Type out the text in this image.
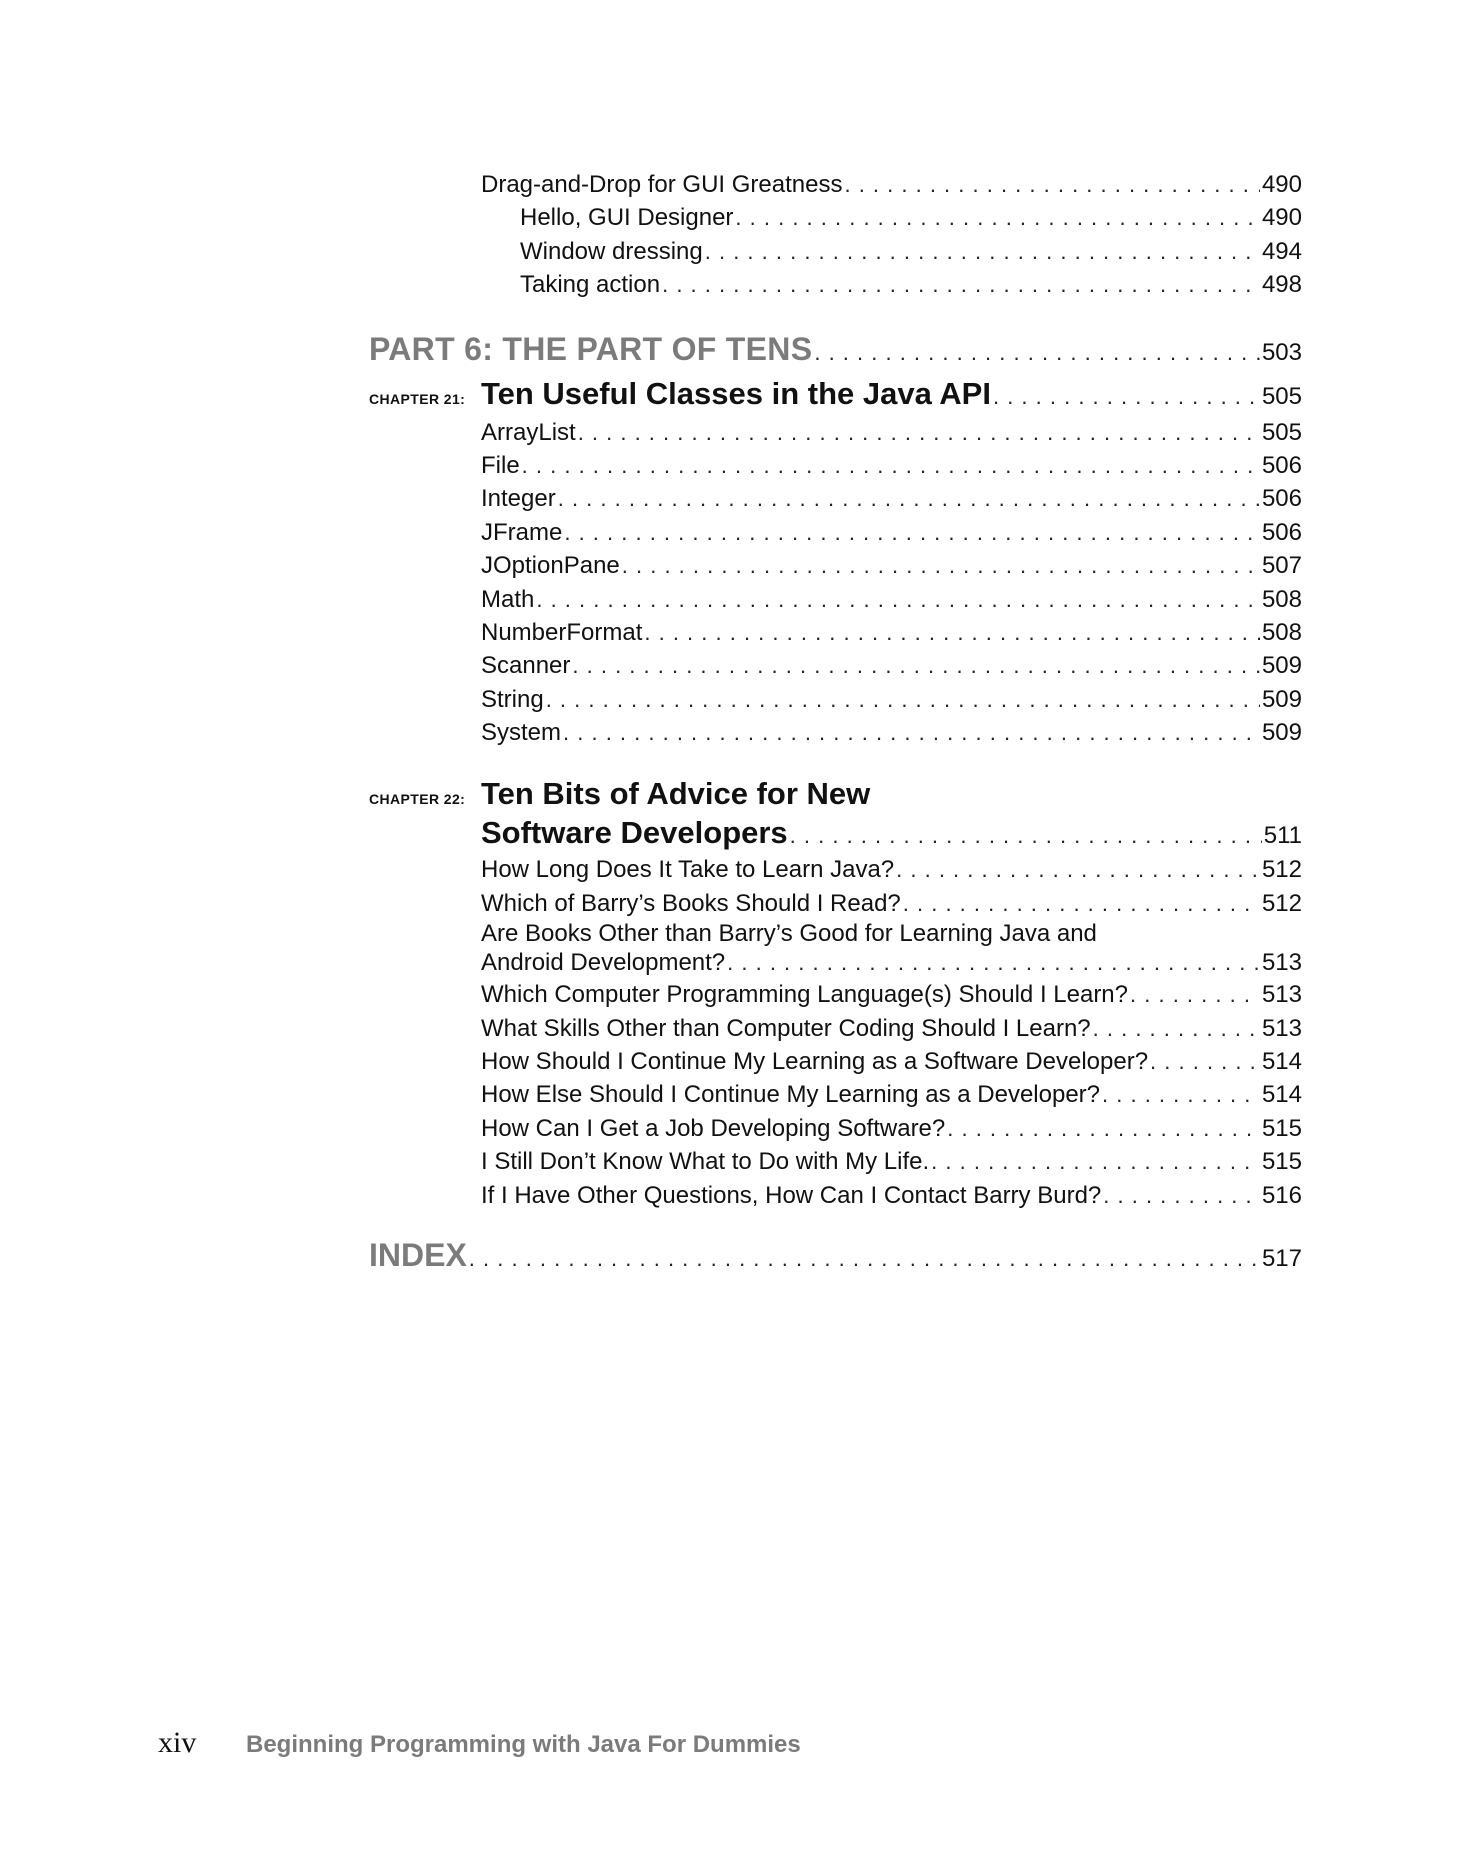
Drag-and-Drop for GUI Greatness . . .	490
Hello, GUI Designer . . .	490
Window dressing . . .	494
Taking action . . .	498
PART 6: THE PART OF TENS . . .	503
CHAPTER 21: Ten Useful Classes in the Java API . . .	505
ArrayList . . .	505
File . . .	506
Integer . . .	506
JFrame . . .	506
JOptionPane . . .	507
Math . . .	508
NumberFormat . . .	508
Scanner . . .	509
String . . .	509
System . . .	509
CHAPTER 22: Ten Bits of Advice for New
Software Developers . . .	511
How Long Does It Take to Learn Java? . . .	512
Which of Barry’s Books Should I Read? . . .	512
Are Books Other than Barry’s Good for Learning Java and
Android Development? . . .	513
Which Computer Programming Language(s) Should I Learn? . . .	513
What Skills Other than Computer Coding Should I Learn? . . .	513
How Should I Continue My Learning as a Software Developer? . . .	514
How Else Should I Continue My Learning as a Developer? . . .	514
How Can I Get a Job Developing Software? . . .	515
I Still Don’t Know What to Do with My Life. . . .	515
If I Have Other Questions, How Can I Contact Barry Burd? . . .	516
INDEX . . .	517
xiv	Beginning Programming with Java For Dummies
